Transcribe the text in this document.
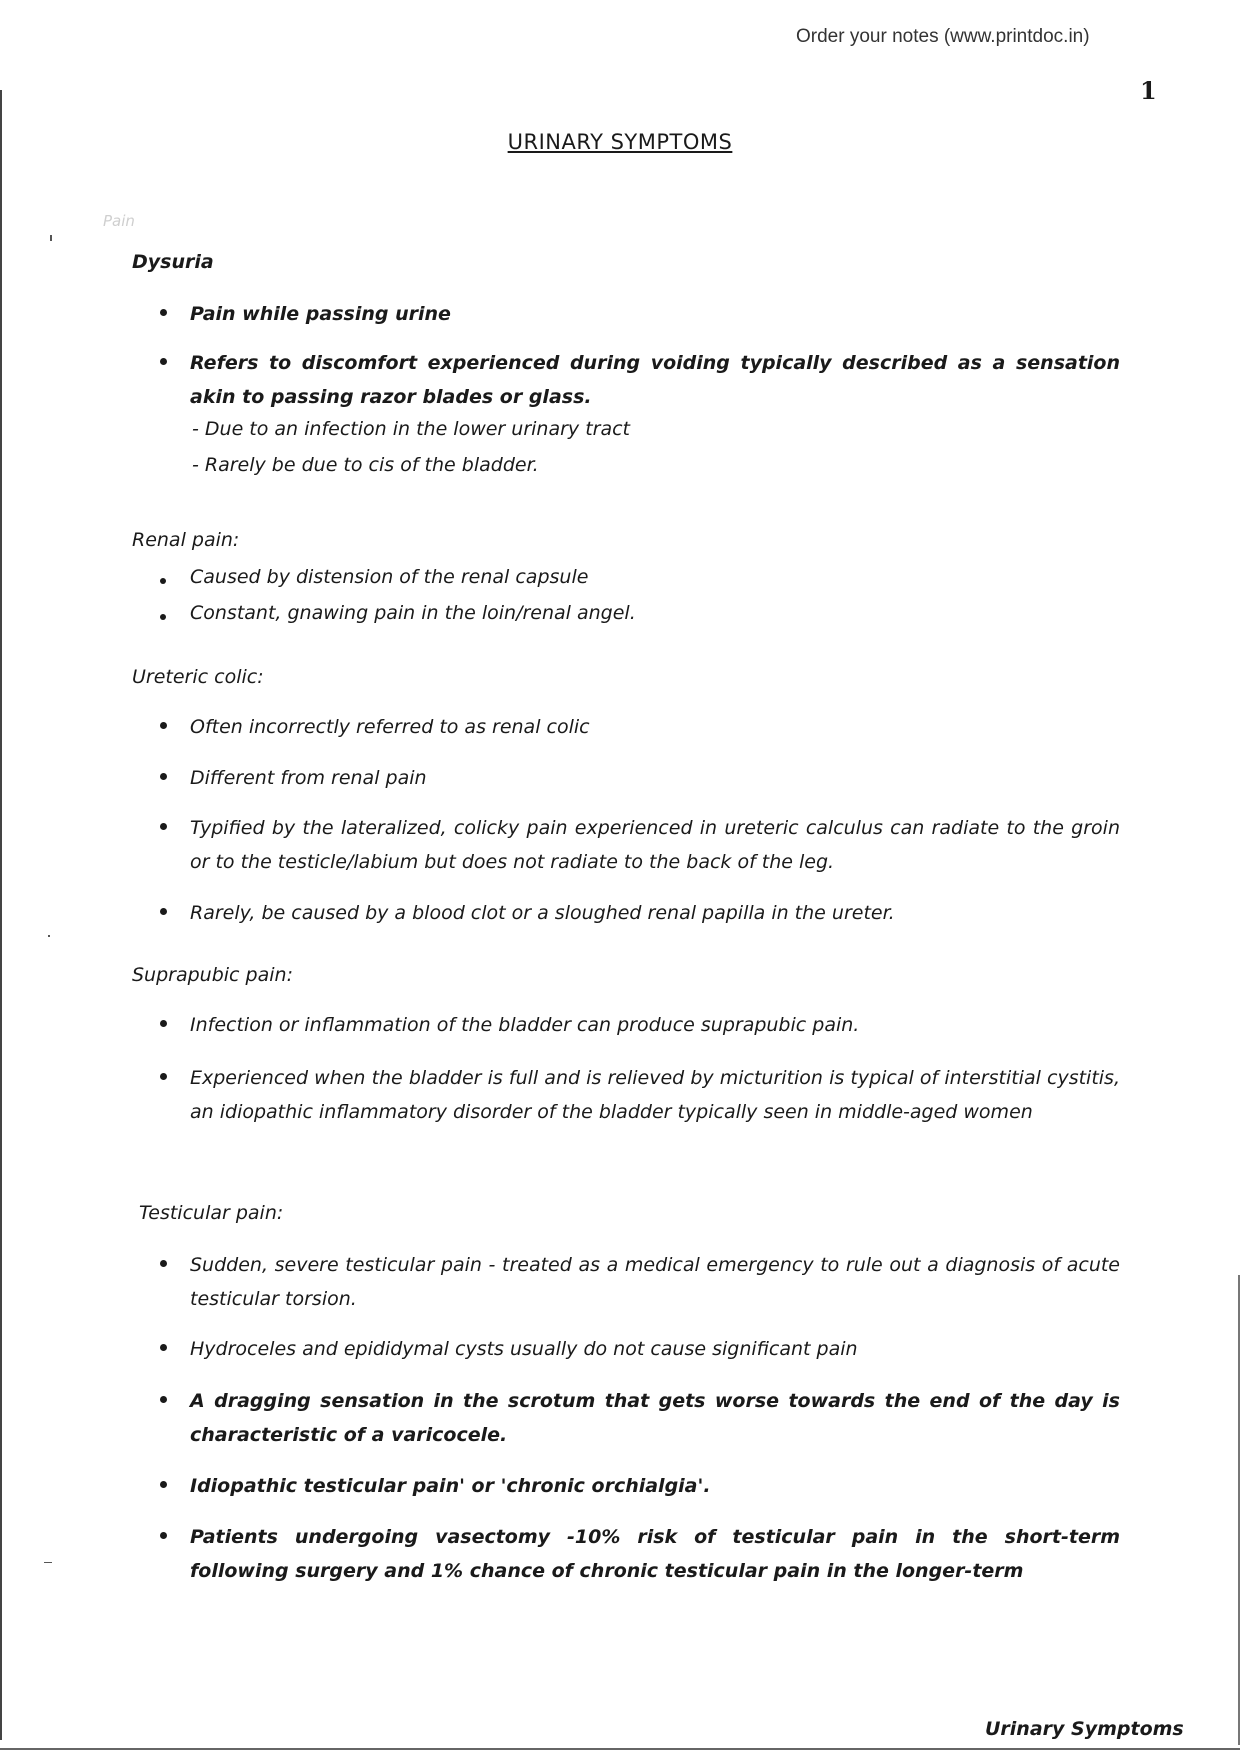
Order your notes (www.printdoc.in)
1
URINARY SYMPTOMS
Pain
Dysuria
Pain while passing urine
Refers to discomfort experienced during voiding typically described as a sensation akin to passing razor blades or glass.
- Due to an infection in the lower urinary tract
- Rarely be due to cis of the bladder.
Renal pain:
Caused by distension of the renal capsule
Constant, gnawing pain in the loin/renal angel.
Ureteric colic:
Often incorrectly referred to as renal colic
Different from renal pain
Typified by the lateralized, colicky pain experienced in ureteric calculus can radiate to the groin or to the testicle/labium but does not radiate to the back of the leg.
Rarely, be caused by a blood clot or a sloughed renal papilla in the ureter.
Suprapubic pain:
Infection or inflammation of the bladder can produce suprapubic pain.
Experienced when the bladder is full and is relieved by micturition is typical of interstitial cystitis, an idiopathic inflammatory disorder of the bladder typically seen in middle-aged women
Testicular pain:
Sudden, severe testicular pain - treated as a medical emergency to rule out a diagnosis of acute testicular torsion.
Hydroceles and epididymal cysts usually do not cause significant pain
A dragging sensation in the scrotum that gets worse towards the end of the day is characteristic of a varicocele.
Idiopathic testicular pain' or 'chronic orchialgia'.
Patients undergoing vasectomy -10% risk of testicular pain in the short-term following surgery and 1% chance of chronic testicular pain in the longer-term
Urinary Symptoms
